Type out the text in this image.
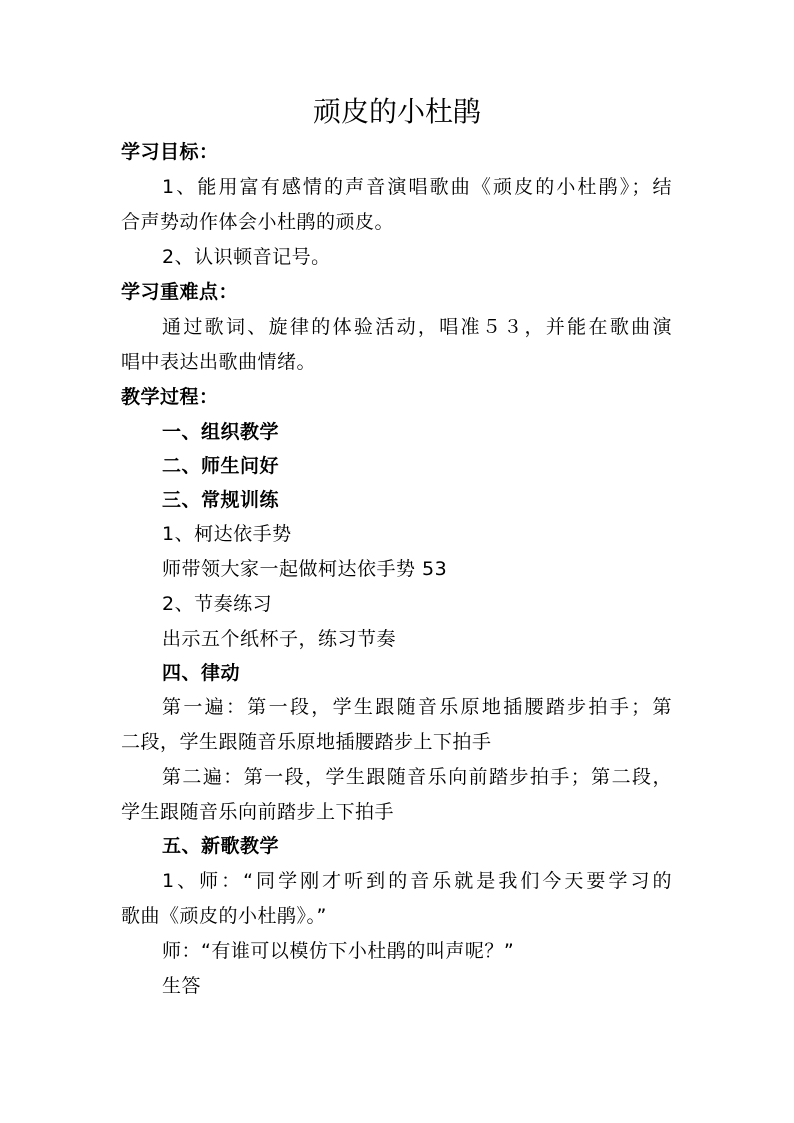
顽皮的小杜鹃
学习目标：
1、能用富有感情的声音演唱歌曲《顽皮的小杜鹃》；结
合声势动作体会小杜鹃的顽皮。
2、认识顿音记号。
学习重难点：
通过歌词、旋律的体验活动，唱准５３，并能在歌曲演
唱中表达出歌曲情绪。
教学过程：
一、组织教学
二、师生问好
三、常规训练
1、柯达依手势
师带领大家一起做柯达依手势 53
2、节奏练习
出示五个纸杯子，练习节奏
四、律动
第一遍：第一段，学生跟随音乐原地插腰踏步拍手；第
二段，学生跟随音乐原地插腰踏步上下拍手
第二遍：第一段，学生跟随音乐向前踏步拍手；第二段，
学生跟随音乐向前踏步上下拍手
五、新歌教学
1、师：“同学刚才听到的音乐就是我们今天要学习的
歌曲《顽皮的小杜鹃》。”
师：“有谁可以模仿下小杜鹃的叫声呢？”
生答
